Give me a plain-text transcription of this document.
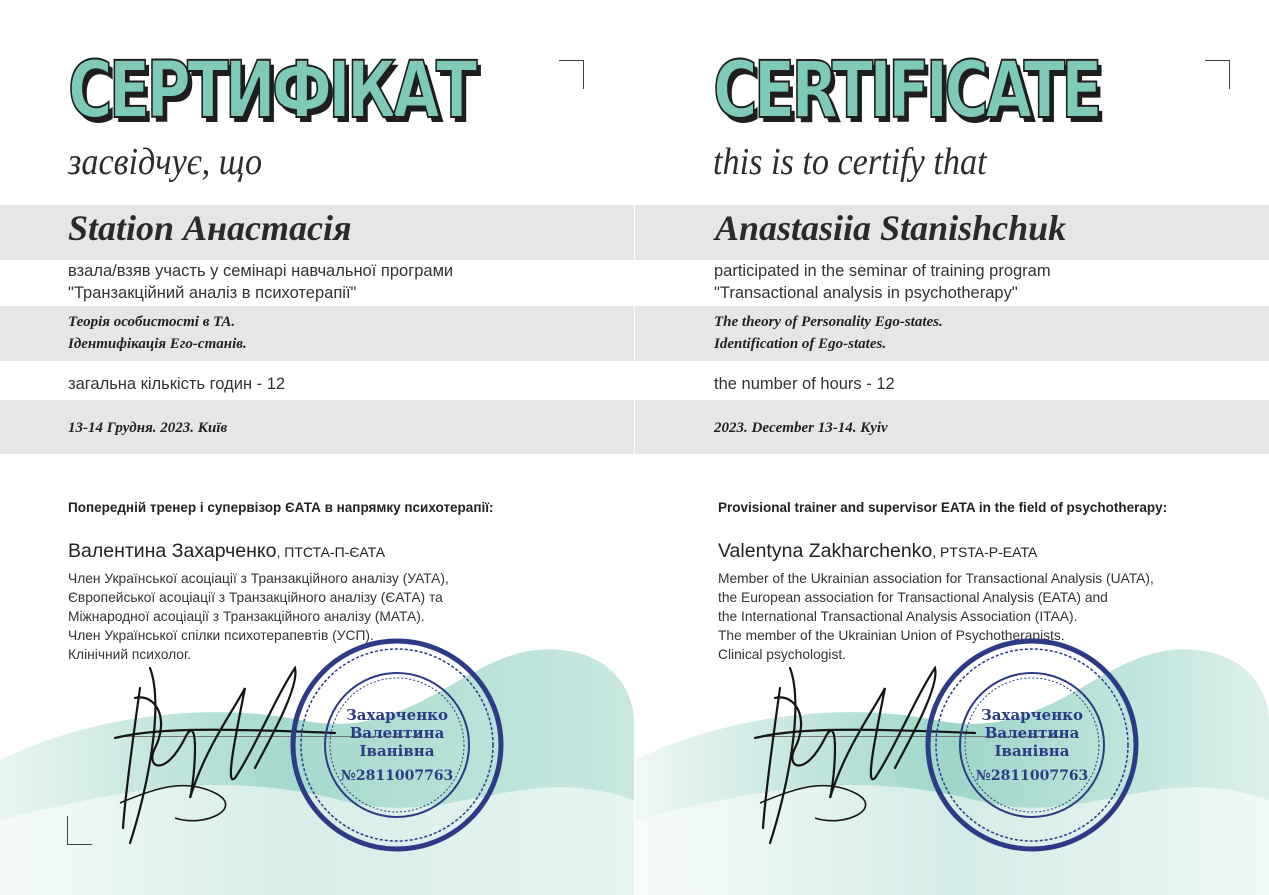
СЕРТИФІКАТ
засвідчує, що
Station Анастасія
взала/взяв участь у семінарі навчальної програми
"Транзакційний аналіз в психотерапії"
Теорія особистості в ТА.
Ідентифікація Его-станів.
загальна кількість годин - 12
13-14 Грудня. 2023. Київ
Попередній тренер і супервізор ЄАТА в напрямку психотерапії:
Валентина Захарченко, ПТСТА-П-ЄАТА
Член Української асоціації з Транзакційного аналізу (УАТА),
Європейської асоціації з Транзакційного аналізу (ЄАТА) та
Міжнародної асоціації з Транзакційного аналізу (МАТА).
Член Української спілки психотерапевтів (УСП).
Клінічний психолог.
Захарченко
Валентина
Іванівна
№2811007763
CERTIFICATE
this is to certify that
Anastasiia Stanishchuk
participated in the seminar of training program
"Transactional analysis in psychotherapy"
The theory of Personality Ego-states.
Identification of Ego-states.
the number of hours - 12
2023. December 13-14. Kyiv
Provisional trainer and supervisor EATA in the field of psychotherapy:
Valentyna Zakharchenko, PTSTA-P-EATA
Member of the Ukrainian association for Transactional Analysis (UATA),
the European association for Transactional Analysis (EATA) and
the International Transactional Analysis Association (ITAA).
The member of the Ukrainian Union of Psychotherapists.
Clinical psychologist.
Захарченко
Валентина
Іванівна
№2811007763
